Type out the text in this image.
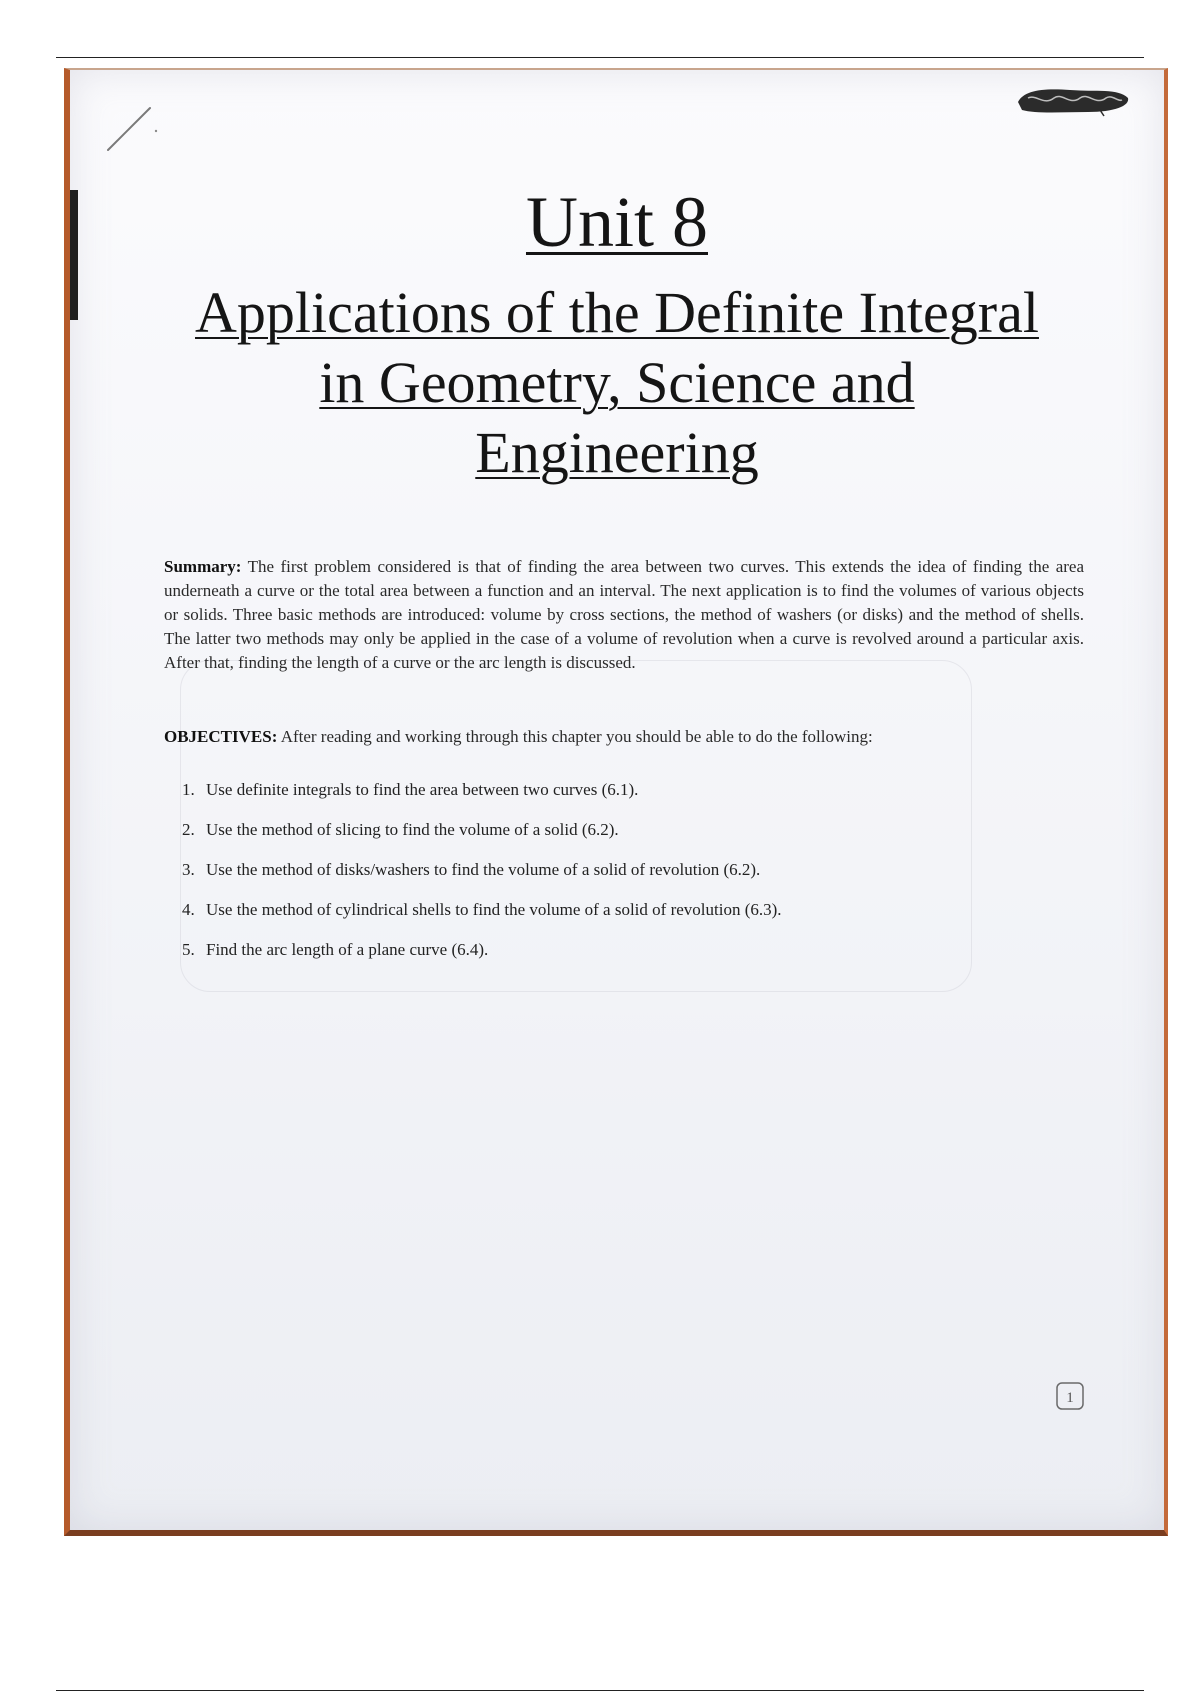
Unit 8
Applications of the Definite Integral
in Geometry, Science and
Engineering

Summary: The first problem considered is that of finding the area between two curves. This extends the idea of finding the area underneath a curve or the total area between a function and an interval. The next application is to find the volumes of various objects or solids. Three basic methods are introduced: volume by cross sections, the method of washers (or disks) and the method of shells. The latter two methods may only be applied in the case of a volume of revolution when a curve is revolved around a particular axis. After that, finding the length of a curve or the arc length is discussed.

OBJECTIVES: After reading and working through this chapter you should be able to do the following:

1. Use definite integrals to find the area between two curves (6.1).
2. Use the method of slicing to find the volume of a solid (6.2).
3. Use the method of disks/washers to find the volume of a solid of revolution (6.2).
4. Use the method of cylindrical shells to find the volume of a solid of revolution (6.3).
5. Find the arc length of a plane curve (6.4).
1
